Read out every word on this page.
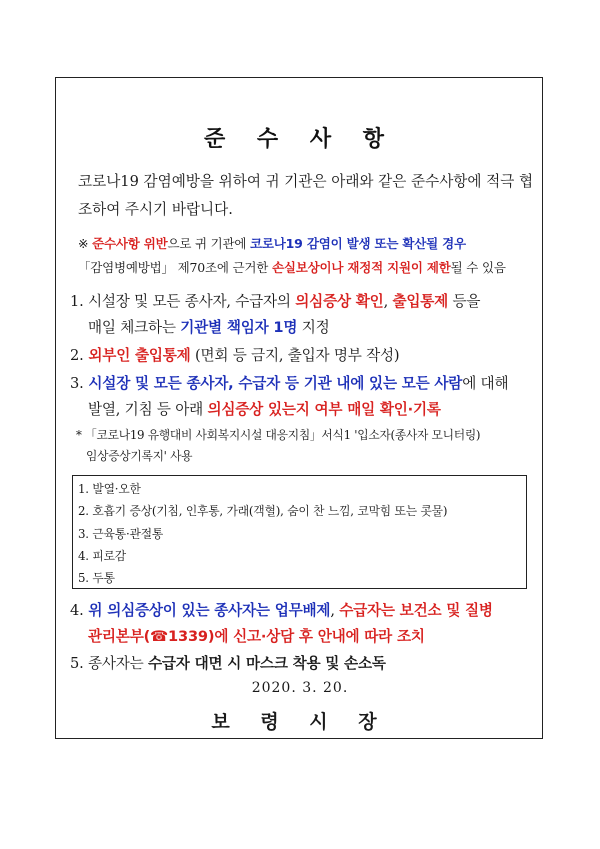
준 수 사 항
코로나19 감염예방을 위하여 귀 기관은 아래와 같은 준수사항에 적극 협조하여 주시기 바랍니다.
※ 준수사항 위반으로 귀 기관에 코로나19 감염이 발생 또는 확산될 경우
「감염병예방법」 제70조에 근거한 손실보상이나 재정적 지원이 제한될 수 있음
1. 시설장 및 모든 종사자, 수급자의 의심증상 확인, 출입통제 등을
매일 체크하는 기관별 책임자 1명 지정
2. 외부인 출입통제 (면회 등 금지, 출입자 명부 작성)
3. 시설장 및 모든 종사자, 수급자 등 기관 내에 있는 모든 사람에 대해
발열, 기침 등 아래 의심증상 있는지 여부 매일 확인·기록
* 「코로나19 유행대비 사회복지시설 대응지침」서식1 '입소자(종사자 모니터링)
임상증상기록지' 사용
1. 발열·오한
2. 호흡기 증상(기침, 인후통, 가래(객혈), 숨이 찬 느낌, 코막힘 또는 콧물)
3. 근육통·관절통
4. 피로감
5. 두통
4. 위 의심증상이 있는 종사자는 업무배제, 수급자는 보건소 및 질병
관리본부(☎1339)에 신고·상담 후 안내에 따라 조치
5. 종사자는 수급자 대면 시 마스크 착용 및 손소독
2020. 3. 20.
보 령 시 장
